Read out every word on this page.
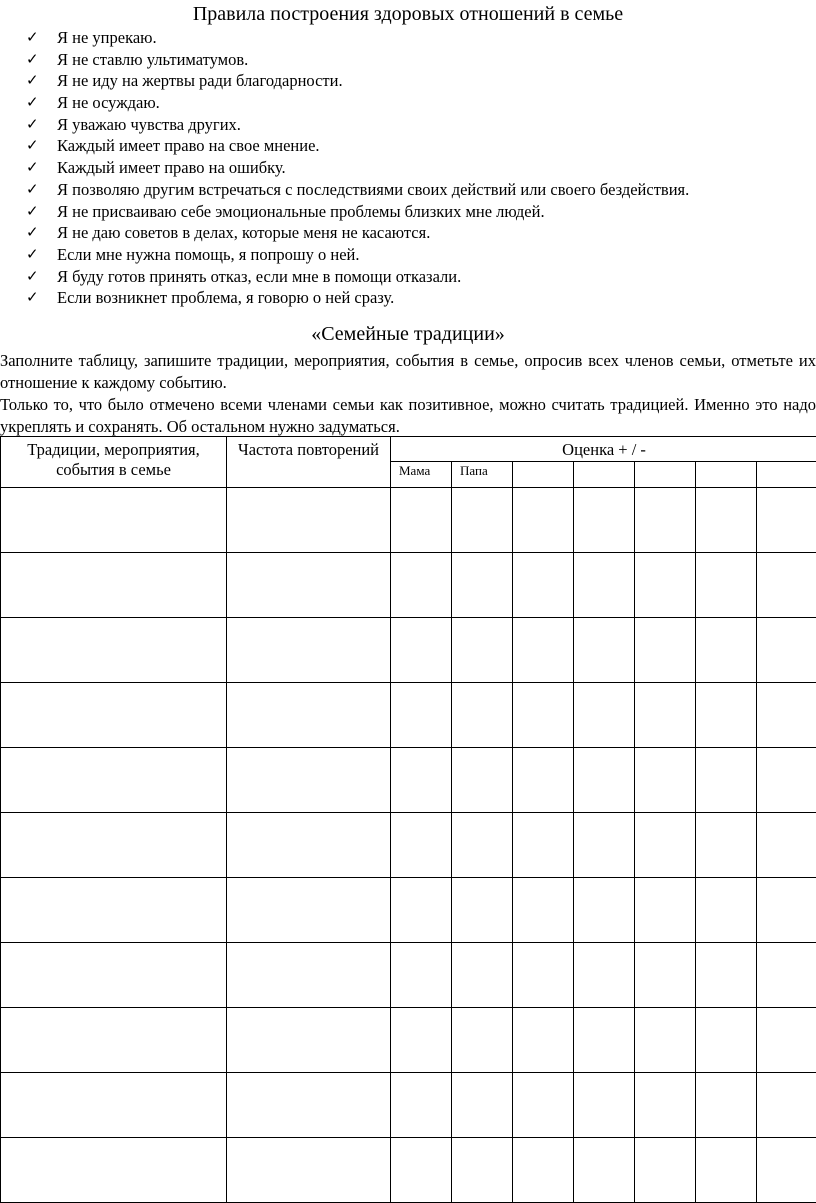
Правила построения здоровых отношений в семье
✓ Я не упрекаю.
✓ Я не ставлю ультиматумов.
✓ Я не иду на жертвы ради благодарности.
✓ Я не осуждаю.
✓ Я уважаю чувства других.
✓ Каждый имеет право на свое мнение.
✓ Каждый имеет право на ошибку.
✓ Я позволяю другим встречаться с последствиями своих действий или своего бездействия.
✓ Я не присваиваю себе эмоциональные проблемы близких мне людей.
✓ Я не даю советов в делах, которые меня не касаются.
✓ Если мне нужна помощь, я попрошу о ней.
✓ Я буду готов принять отказ, если мне в помощи отказали.
✓ Если возникнет проблема, я говорю о ней сразу.
«Семейные традиции»

Заполните таблицу, запишите традиции, мероприятия, события в семье, опросив всех членов семьи, отметьте их отношение к каждому событию.

Только то, что было отмечено всеми членами семьи как позитивное, можно считать традицией. Именно это надо укреплять и сохранять. Об остальном нужно задуматься.

Традиции, мероприятия, события в семье	Частота повторений	Оценка + / -						
		Мама	Папа					
